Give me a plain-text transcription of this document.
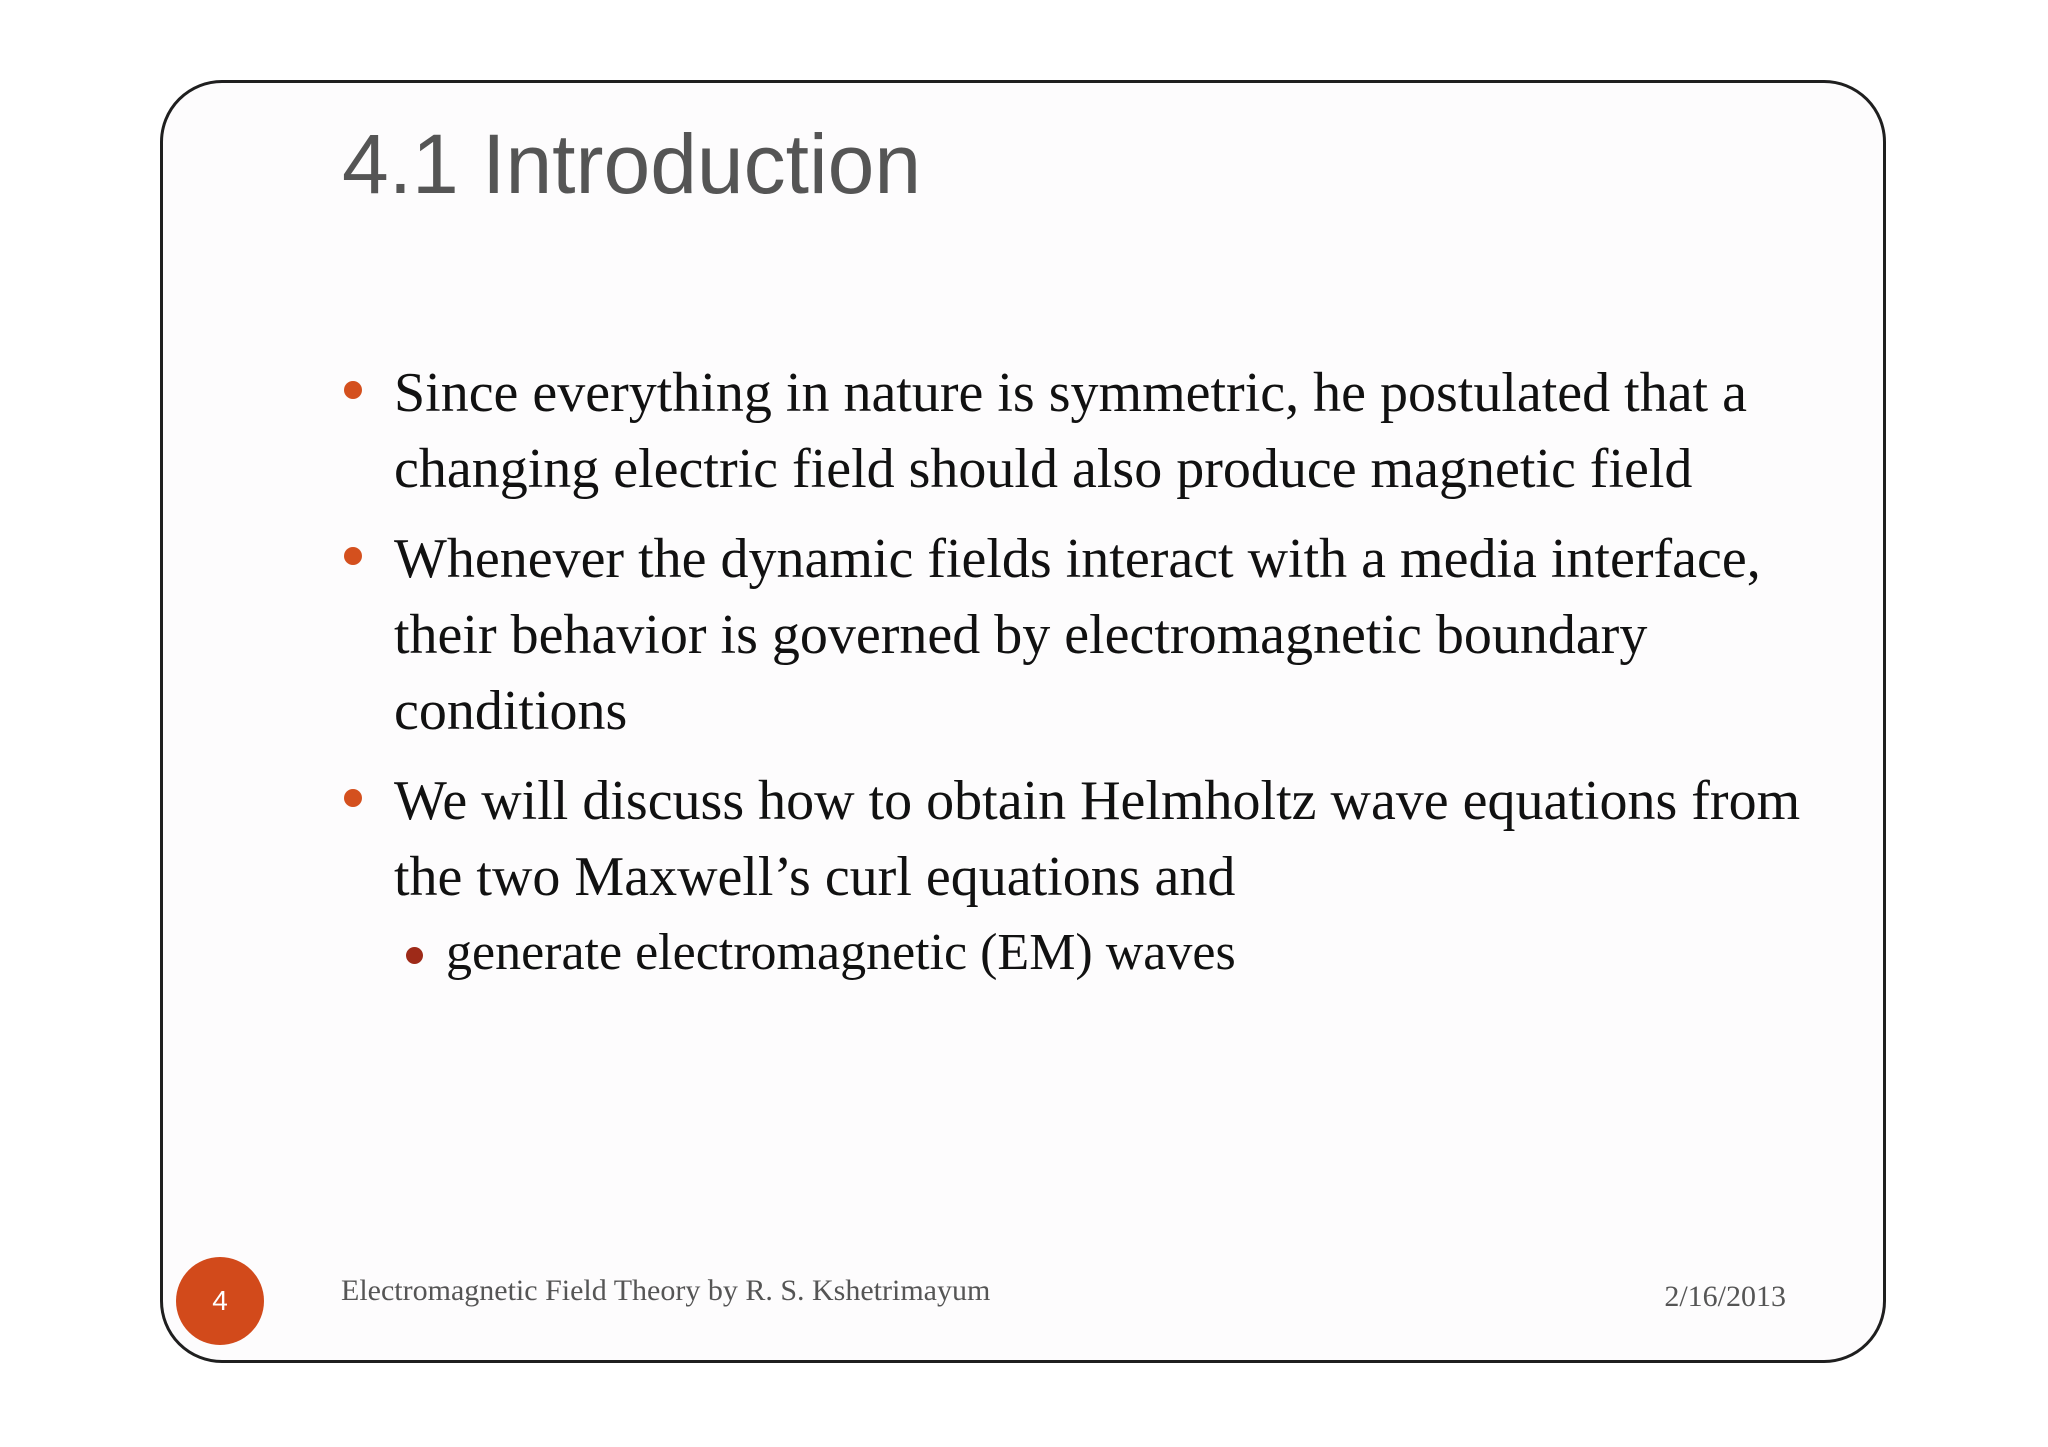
4.1 Introduction
Since everything in nature is symmetric, he postulated that a changing electric field should also produce magnetic field
Whenever the dynamic fields interact with a media interface, their behavior is governed by electromagnetic boundary conditions
We will discuss how to obtain Helmholtz wave equations from the two Maxwell’s curl equations and
generate electromagnetic (EM) waves
4	Electromagnetic Field Theory by R. S. Kshetrimayum	2/16/2013
